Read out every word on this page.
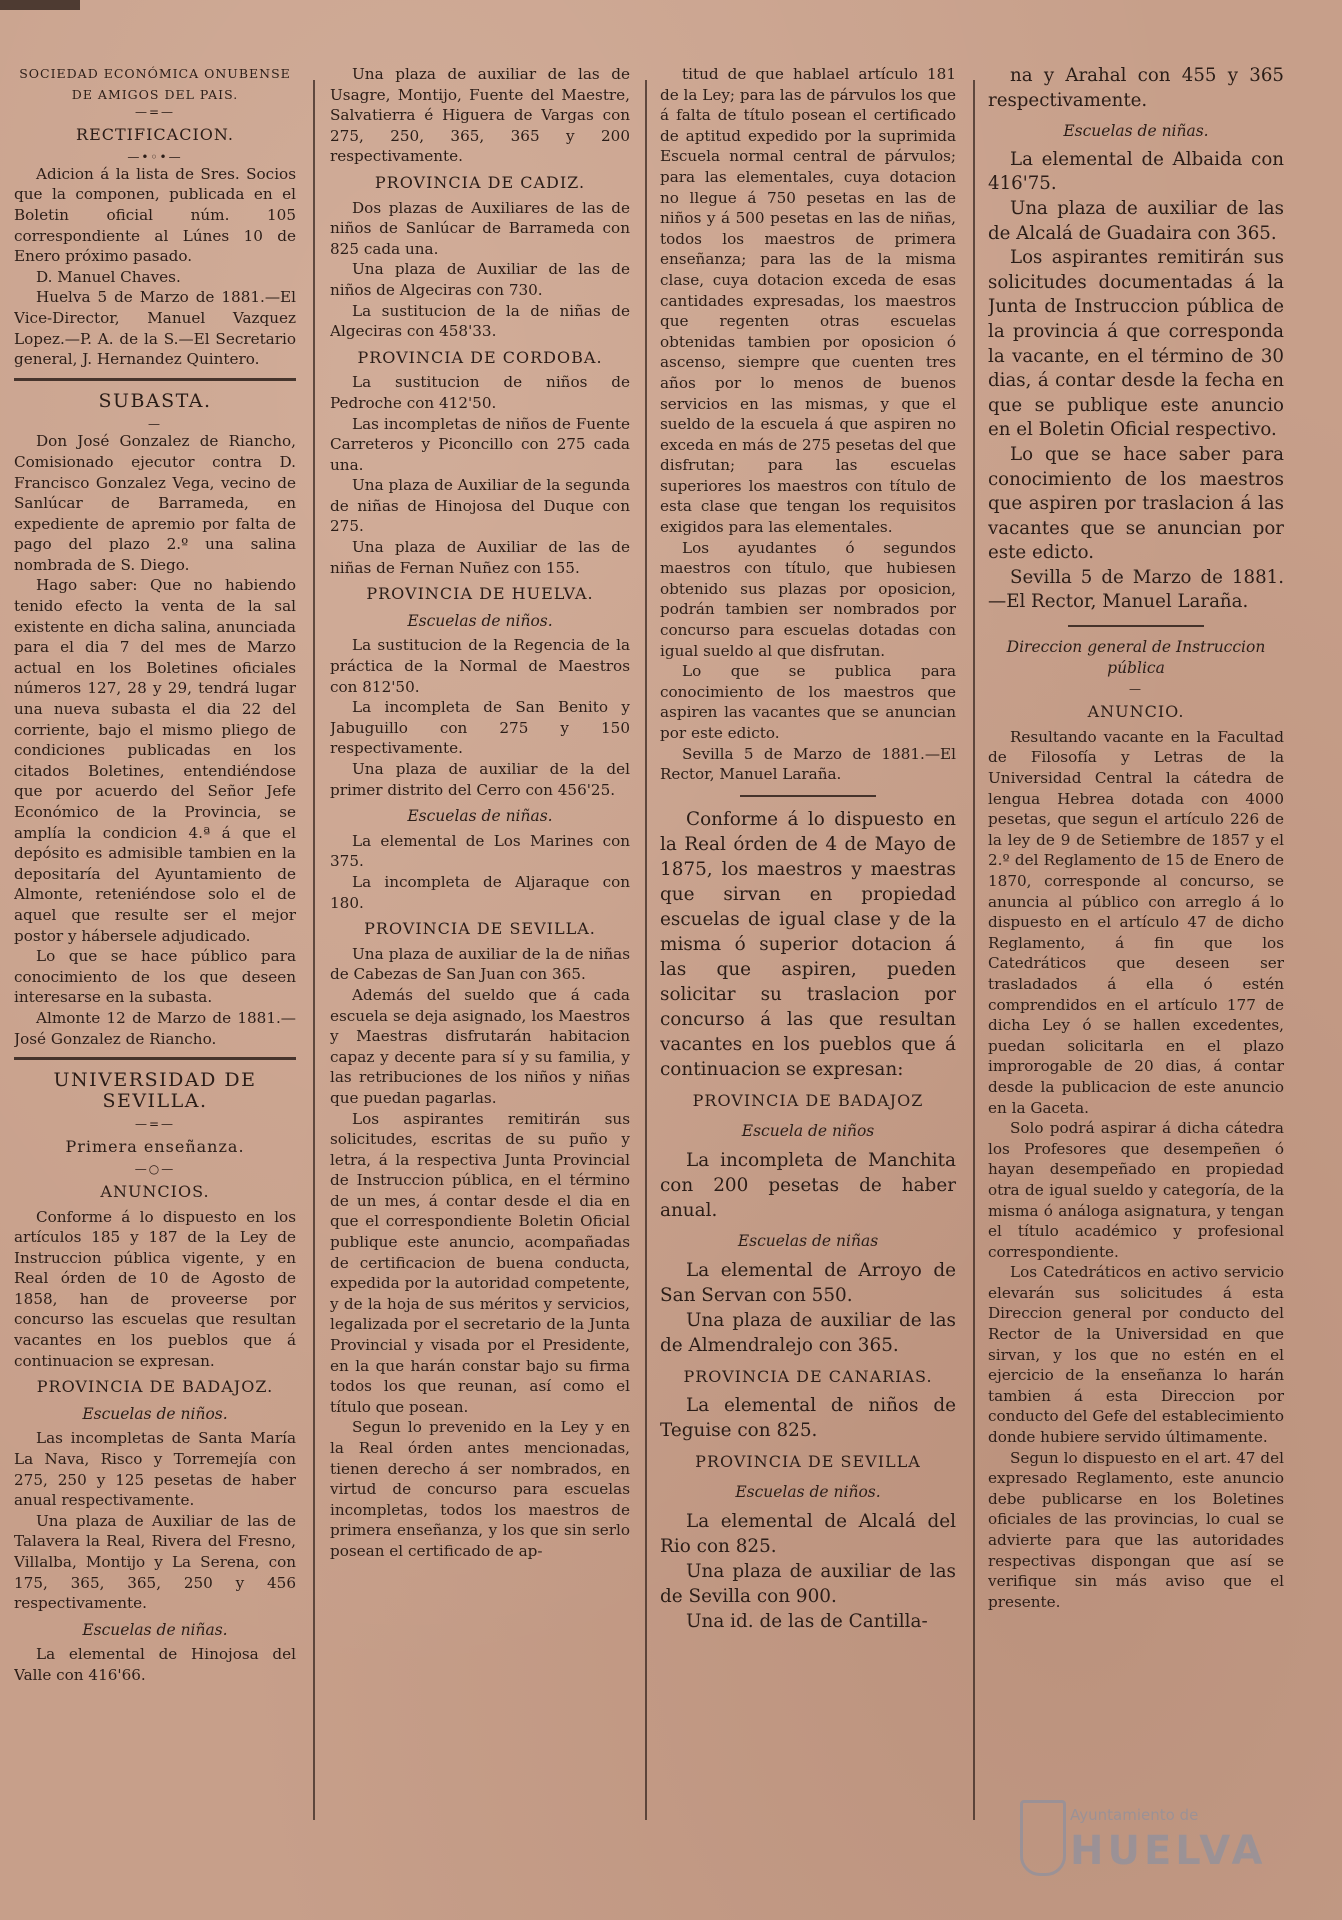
SOCIEDAD ECONÓMICA ONUBENSE
DE AMIGOS DEL PAIS.
—=—
RECTIFICACION.
—•◦•—

Adicion á la lista de Sres. Socios que la componen, publicada en el Boletin oficial núm. 105 correspondiente al Lúnes 10 de Enero próximo pasado.

D. Manuel Chaves.

Huelva 5 de Marzo de 1881.—El Vice-Director, Manuel Vazquez Lopez.—P. A. de la S.—El Secretario general, J. Hernandez Quintero.

SUBASTA.
—

Don José Gonzalez de Riancho, Comisionado ejecutor contra D. Francisco Gonzalez Vega, vecino de Sanlúcar de Barrameda, en expediente de apremio por falta de pago del plazo 2.º una salina nombrada de S. Diego.

Hago saber: Que no habiendo tenido efecto la venta de la sal existente en dicha salina, anunciada para el dia 7 del mes de Marzo actual en los Boletines oficiales números 127, 28 y 29, tendrá lugar una nueva subasta el dia 22 del corriente, bajo el mismo pliego de condiciones publicadas en los citados Boletines, entendiéndose que por acuerdo del Señor Jefe Económico de la Provincia, se amplía la condicion 4.ª á que el depósito es admisible tambien en la depositaría del Ayuntamiento de Almonte, reteniéndose solo el de aquel que resulte ser el mejor postor y hábersele adjudicado.

Lo que se hace público para conocimiento de los que deseen interesarse en la subasta.

Almonte 12 de Marzo de 1881.—José Gonzalez de Riancho.

UNIVERSIDAD DE SEVILLA.
—=—
Primera enseñanza.
—○—
ANUNCIOS.

Conforme á lo dispuesto en los artículos 185 y 187 de la Ley de Instruccion pública vigente, y en Real órden de 10 de Agosto de 1858, han de proveerse por concurso las escuelas que resultan vacantes en los pueblos que á continuacion se expresan.

PROVINCIA DE BADAJOZ.
Escuelas de niños.

Las incompletas de Santa María La Nava, Risco y Torremejía con 275, 250 y 125 pesetas de haber anual respectivamente.

Una plaza de Auxiliar de las de Talavera la Real, Rivera del Fresno, Villalba, Montijo y La Serena, con 175, 365, 365, 250 y 456 respectivamente.

Escuelas de niñas.

La elemental de Hinojosa del Valle con 416'66.

Una plaza de auxiliar de las de Usagre, Montijo, Fuente del Maestre, Salvatierra é Higuera de Vargas con 275, 250, 365, 365 y 200 respectivamente.

PROVINCIA DE CADIZ.

Dos plazas de Auxiliares de las de niños de Sanlúcar de Barrameda con 825 cada una.

Una plaza de Auxiliar de las de niños de Algeciras con 730.

La sustitucion de la de niñas de Algeciras con 458'33.

PROVINCIA DE CORDOBA.

La sustitucion de niños de Pedroche con 412'50.

Las incompletas de niños de Fuente Carreteros y Piconcillo con 275 cada una.

Una plaza de Auxiliar de la segunda de niñas de Hinojosa del Duque con 275.

Una plaza de Auxiliar de las de niñas de Fernan Nuñez con 155.

PROVINCIA DE HUELVA.
Escuelas de niños.

La sustitucion de la Regencia de la práctica de la Normal de Maestros con 812'50.

La incompleta de San Benito y Jabuguillo con 275 y 150 respectivamente.

Una plaza de auxiliar de la del primer distrito del Cerro con 456'25.

Escuelas de niñas.

La elemental de Los Marines con 375.

La incompleta de Aljaraque con 180.

PROVINCIA DE SEVILLA.

Una plaza de auxiliar de la de niñas de Cabezas de San Juan con 365.

Además del sueldo que á cada escuela se deja asignado, los Maestros y Maestras disfrutarán habitacion capaz y decente para sí y su familia, y las retribuciones de los niños y niñas que puedan pagarlas.

Los aspirantes remitirán sus solicitudes, escritas de su puño y letra, á la respectiva Junta Provincial de Instruccion pública, en el término de un mes, á contar desde el dia en que el correspondiente Boletin Oficial publique este anuncio, acompañadas de certificacion de buena conducta, expedida por la autoridad competente, y de la hoja de sus méritos y servicios, legalizada por el secretario de la Junta Provincial y visada por el Presidente, en la que harán constar bajo su firma todos los que reunan, así como el título que posean.

Segun lo prevenido en la Ley y en la Real órden antes mencionadas, tienen derecho á ser nombrados, en virtud de concurso para escuelas incompletas, todos los maestros de primera enseñanza, y los que sin serlo posean el certificado de ap-

titud de que hablael artículo 181 de la Ley; para las de párvulos los que á falta de título posean el certificado de aptitud expedido por la suprimida Escuela normal central de párvulos; para las elementales, cuya dotacion no llegue á 750 pesetas en las de niños y á 500 pesetas en las de niñas, todos los maestros de primera enseñanza; para las de la misma clase, cuya dotacion exceda de esas cantidades expresadas, los maestros que regenten otras escuelas obtenidas tambien por oposicion ó ascenso, siempre que cuenten tres años por lo menos de buenos servicios en las mismas, y que el sueldo de la escuela á que aspiren no exceda en más de 275 pesetas del que disfrutan; para las escuelas superiores los maestros con título de esta clase que tengan los requisitos exigidos para las elementales.

Los ayudantes ó segundos maestros con título, que hubiesen obtenido sus plazas por oposicion, podrán tambien ser nombrados por concurso para escuelas dotadas con igual sueldo al que disfrutan.

Lo que se publica para conocimiento de los maestros que aspiren las vacantes que se anuncian por este edicto.

Sevilla 5 de Marzo de 1881.—El Rector, Manuel Laraña.

Conforme á lo dispuesto en la Real órden de 4 de Mayo de 1875, los maestros y maestras que sirvan en propiedad escuelas de igual clase y de la misma ó superior dotacion á las que aspiren, pueden solicitar su traslacion por concurso á las que resultan vacantes en los pueblos que á continuacion se expresan:

PROVINCIA DE BADAJOZ
Escuela de niños

La incompleta de Manchita con 200 pesetas de haber anual.

Escuelas de niñas

La elemental de Arroyo de San Servan con 550.

Una plaza de auxiliar de las de Almendralejo con 365.

PROVINCIA DE CANARIAS.

La elemental de niños de Teguise con 825.

PROVINCIA DE SEVILLA
Escuelas de niños.

La elemental de Alcalá del Rio con 825.

Una plaza de auxiliar de las de Sevilla con 900.

Una id. de las de Cantilla-

na y Arahal con 455 y 365 respectivamente.

Escuelas de niñas.

La elemental de Albaida con 416'75.

Una plaza de auxiliar de las de Alcalá de Guadaira con 365.

Los aspirantes remitirán sus solicitudes documentadas á la Junta de Instruccion pública de la provincia á que corresponda la vacante, en el término de 30 dias, á contar desde la fecha en que se publique este anuncio en el Boletin Oficial respectivo.

Lo que se hace saber para conocimiento de los maestros que aspiren por traslacion á las vacantes que se anuncian por este edicto.

Sevilla 5 de Marzo de 1881.—El Rector, Manuel Laraña.

Direccion general de Instruccion pública
—
ANUNCIO.

Resultando vacante en la Facultad de Filosofía y Letras de la Universidad Central la cátedra de lengua Hebrea dotada con 4000 pesetas, que segun el artículo 226 de la ley de 9 de Setiembre de 1857 y el 2.º del Reglamento de 15 de Enero de 1870, corresponde al concurso, se anuncia al público con arreglo á lo dispuesto en el artículo 47 de dicho Reglamento, á fin que los Catedráticos que deseen ser trasladados á ella ó estén comprendidos en el artículo 177 de dicha Ley ó se hallen excedentes, puedan solicitarla en el plazo improrogable de 20 dias, á contar desde la publicacion de este anuncio en la Gaceta.

Solo podrá aspirar á dicha cátedra los Profesores que desempeñen ó hayan desempeñado en propiedad otra de igual sueldo y categoría, de la misma ó análoga asignatura, y tengan el título académico y profesional correspondiente.

Los Catedráticos en activo servicio elevarán sus solicitudes á esta Direccion general por conducto del Rector de la Universidad en que sirvan, y los que no estén en el ejercicio de la enseñanza lo harán tambien á esta Direccion por conducto del Gefe del establecimiento donde hubiere servido últimamente.

Segun lo dispuesto en el art. 47 del expresado Reglamento, este anuncio debe publicarse en los Boletines oficiales de las provincias, lo cual se advierte para que las autoridades respectivas dispongan que así se verifique sin más aviso que el presente.

Ayuntamiento de
HUELVA
